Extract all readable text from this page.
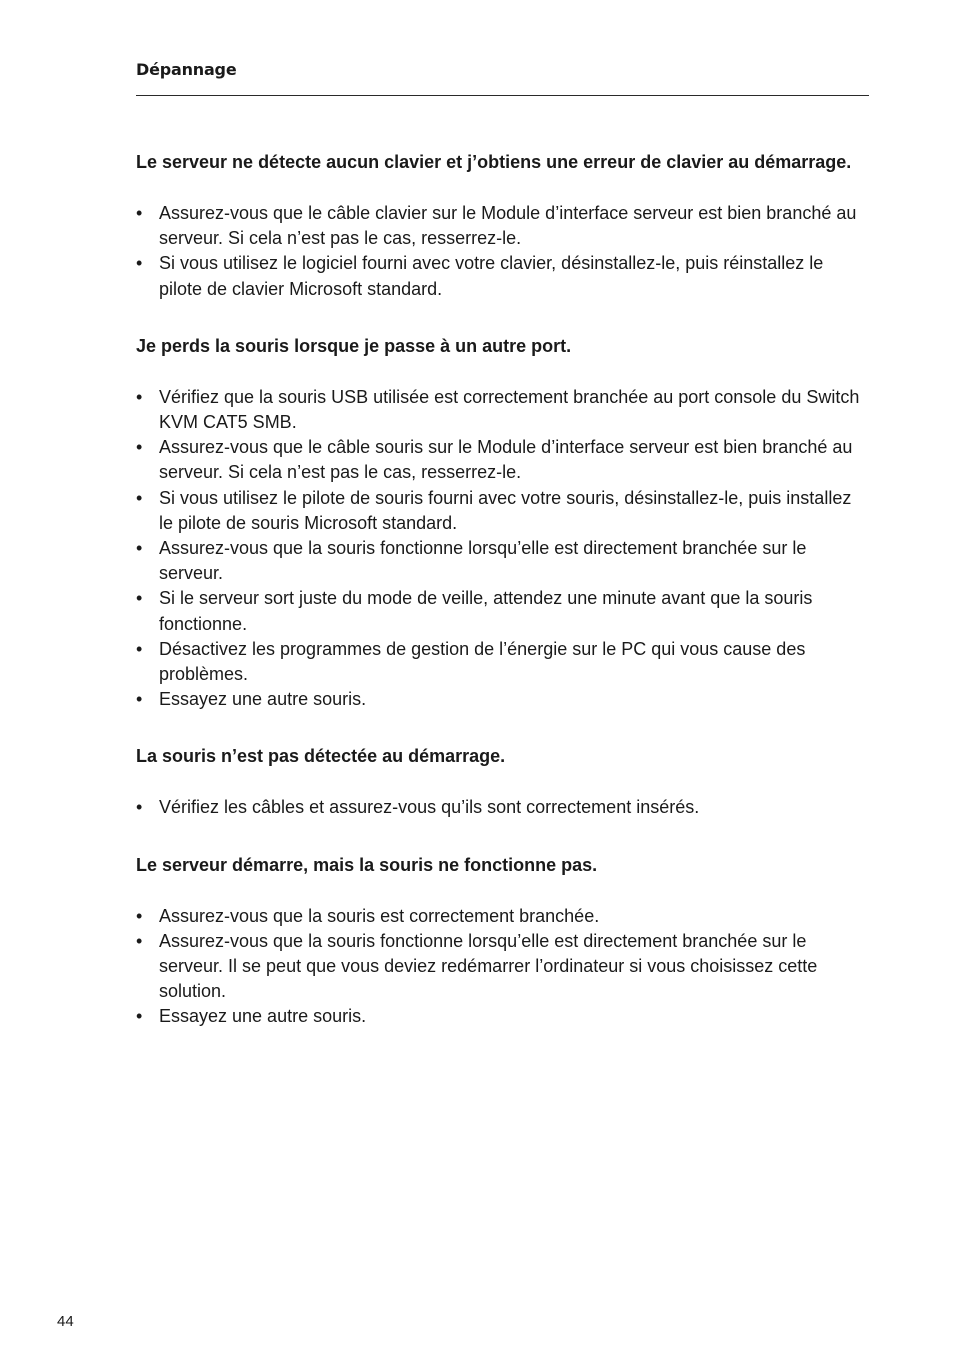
Dépannage
Le serveur ne détecte aucun clavier et j’obtiens une erreur de clavier au démarrage.
• Assurez-vous que le câble clavier sur le Module d’interface serveur est bien branché au serveur. Si cela n’est pas le cas, resserrez-le.
• Si vous utilisez le logiciel fourni avec votre clavier, désinstallez-le, puis réinstallez le pilote de clavier Microsoft standard.
Je perds la souris lorsque je passe à un autre port.
• Vérifiez que la souris USB utilisée est correctement branchée au port console du Switch KVM CAT5 SMB.
• Assurez-vous que le câble souris sur le Module d’interface serveur est bien branché au serveur. Si cela n’est pas le cas, resserrez-le.
• Si vous utilisez le pilote de souris fourni avec votre souris, désinstallez-le, puis installez le pilote de souris Microsoft standard.
• Assurez-vous que la souris fonctionne lorsqu’elle est directement branchée sur le serveur.
• Si le serveur sort juste du mode de veille, attendez une minute avant que la souris fonctionne.
• Désactivez les programmes de gestion de l’énergie sur le PC qui vous cause des problèmes.
• Essayez une autre souris.
La souris n’est pas détectée au démarrage.
• Vérifiez les câbles et assurez-vous qu’ils sont correctement insérés.
Le serveur démarre, mais la souris ne fonctionne pas.
• Assurez-vous que la souris est correctement branchée.
• Assurez-vous que la souris fonctionne lorsqu’elle est directement branchée sur le serveur. Il se peut que vous deviez redémarrer l’ordinateur si vous choisissez cette solution.
• Essayez une autre souris.
44
